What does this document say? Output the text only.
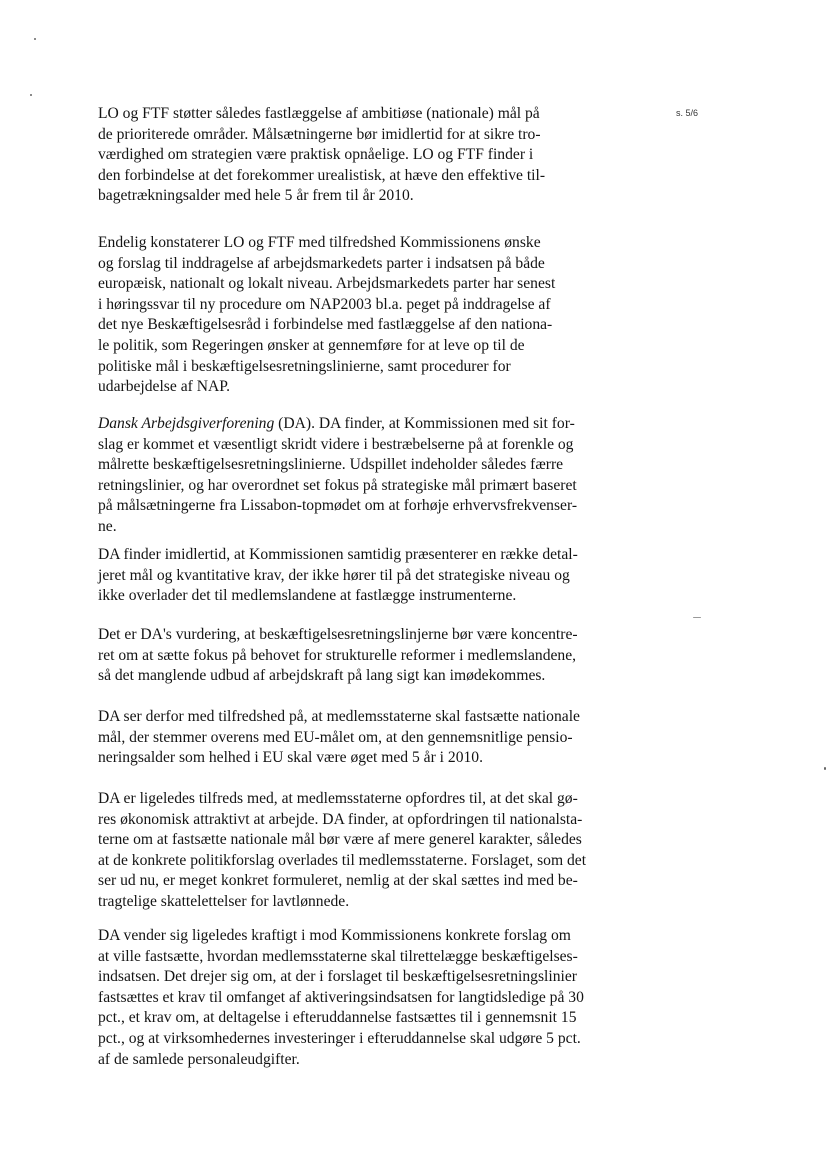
s. 5/6

LO og FTF støtter således fastlæggelse af ambitiøse (nationale) mål på
de prioriterede områder. Målsætningerne bør imidlertid for at sikre tro-
værdighed om strategien være praktisk opnåelige. LO og FTF finder i
den forbindelse at det forekommer urealistisk, at hæve den effektive til-
bagetrækningsalder med hele 5 år frem til år 2010.

Endelig konstaterer LO og FTF med tilfredshed Kommissionens ønske
og forslag til inddragelse af arbejdsmarkedets parter i indsatsen på både
europæisk, nationalt og lokalt niveau. Arbejdsmarkedets parter har senest
i høringssvar til ny procedure om NAP2003 bl.a. peget på inddragelse af
det nye Beskæftigelsesråd i forbindelse med fastlæggelse af den nationa-
le politik, som Regeringen ønsker at gennemføre for at leve op til de
politiske mål i beskæftigelsesretningslinierne, samt procedurer for
udarbejdelse af NAP.

Dansk Arbejdsgiverforening (DA). DA finder, at Kommissionen med sit for-
slag er kommet et væsentligt skridt videre i bestræbelserne på at forenkle og
målrette beskæftigelsesretningslinierne. Udspillet indeholder således færre
retningslinier, og har overordnet set fokus på strategiske mål primært baseret
på målsætningerne fra Lissabon-topmødet om at forhøje erhvervsfrekvenser-
ne.

DA finder imidlertid, at Kommissionen samtidig præsenterer en række detal-
jeret mål og kvantitative krav, der ikke hører til på det strategiske niveau og
ikke overlader det til medlemslandene at fastlægge instrumenterne.

Det er DA's vurdering, at beskæftigelsesretningslinjerne bør være koncentre-
ret om at sætte fokus på behovet for strukturelle reformer i medlemslandene,
så det manglende udbud af arbejdskraft på lang sigt kan imødekommes.

DA ser derfor med tilfredshed på, at medlemsstaterne skal fastsætte nationale
mål, der stemmer overens med EU-målet om, at den gennemsnitlige pensio-
neringsalder som helhed i EU skal være øget med 5 år i 2010.

DA er ligeledes tilfreds med, at medlemsstaterne opfordres til, at det skal gø-
res økonomisk attraktivt at arbejde. DA finder, at opfordringen til nationalsta-
terne om at fastsætte nationale mål bør være af mere generel karakter, således
at de konkrete politikforslag overlades til medlemsstaterne. Forslaget, som det
ser ud nu, er meget konkret formuleret, nemlig at der skal sættes ind med be-
tragtelige skattelettelser for lavtlønnede.

DA vender sig ligeledes kraftigt i mod Kommissionens konkrete forslag om
at ville fastsætte, hvordan medlemsstaterne skal tilrettelægge beskæftigelses-
indsatsen. Det drejer sig om, at der i forslaget til beskæftigelsesretningslinier
fastsættes et krav til omfanget af aktiveringsindsatsen for langtidsledige på 30
pct., et krav om, at deltagelse i efteruddannelse fastsættes til i gennemsnit 15
pct., og at virksomhedernes investeringer i efteruddannelse skal udgøre 5 pct.
af de samlede personaleudgifter.
